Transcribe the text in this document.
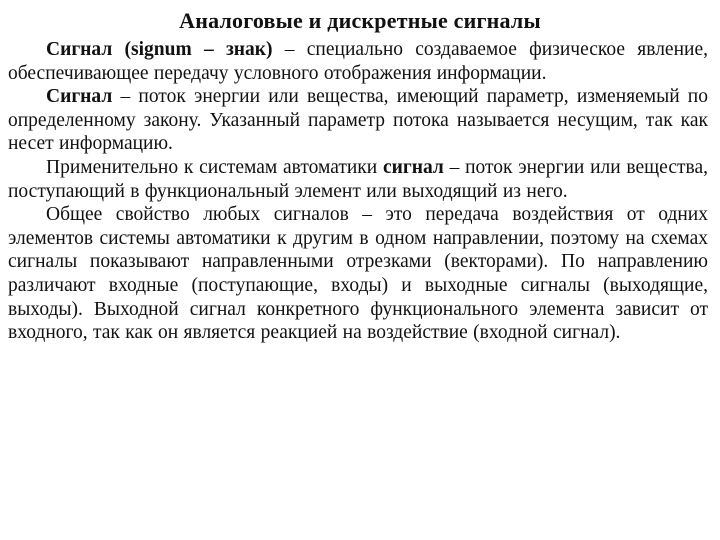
Аналоговые и дискретные сигналы

Сигнал (signum – знак) – специально создаваемое физическое явление, обеспечивающее передачу условного отображения информации.

Сигнал – поток энергии или вещества, имеющий параметр, изменяемый по определенному закону. Указанный параметр потока называется несущим, так как несет информацию.

Применительно к системам автоматики сигнал – поток энергии или вещества, поступающий в функциональный элемент или выходящий из него.

Общее свойство любых сигналов – это передача воздействия от одних элементов системы автоматики к другим в одном направлении, поэтому на схемах сигналы показывают направленными отрезками (векторами). По направлению различают входные (поступающие, входы) и выходные сигналы (выходящие, выходы). Выходной сигнал конкретного функционального элемента зависит от входного, так как он является реакцией на воздействие (входной сигнал).
